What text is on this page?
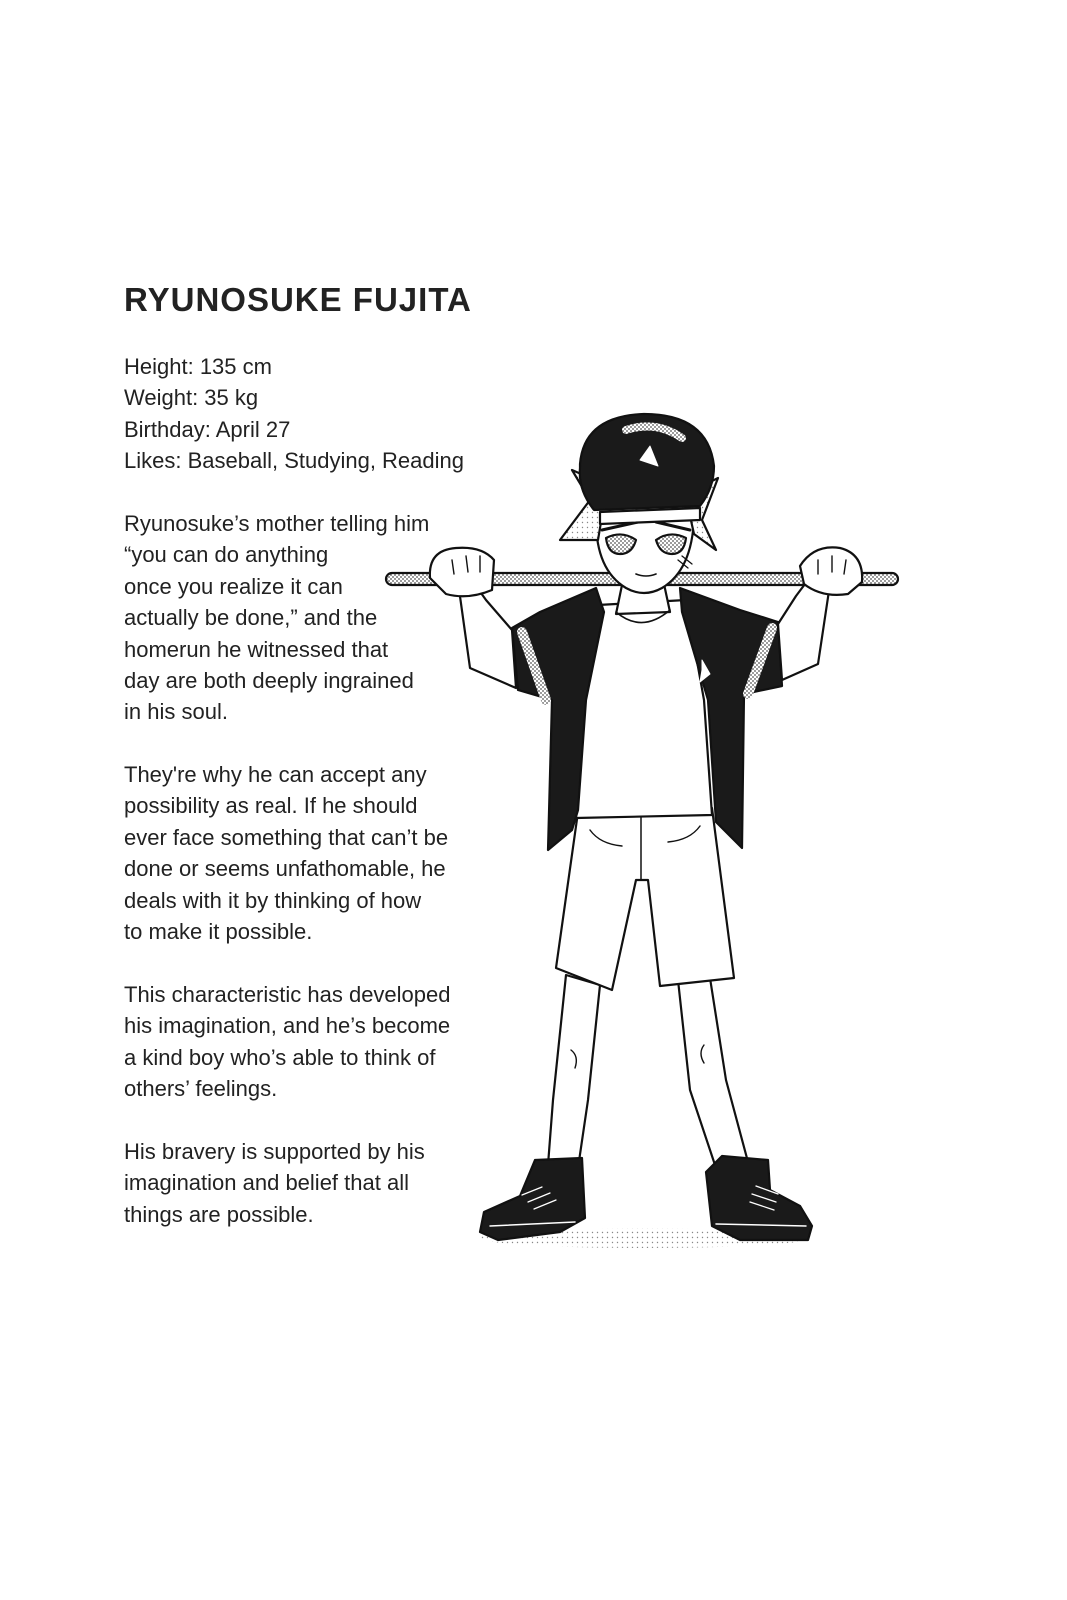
RYUNOSUKE FUJITA
Height: 135 cm
Weight: 35 kg
Birthday: April 27
Likes: Baseball, Studying, Reading
Ryunosuke’s mother telling him
“you can do anything
once you realize it can
actually be done,” and the
homerun he witnessed that
day are both deeply ingrained
in his soul.
They're why he can accept any
possibility as real. If he should
ever face something that can’t be
done or seems unfathomable, he
deals with it by thinking of how
to make it possible.
This characteristic has developed
his imagination, and he’s become
a kind boy who’s able to think of
others’ feelings.
His bravery is supported by his
imagination and belief that all
things are possible.
